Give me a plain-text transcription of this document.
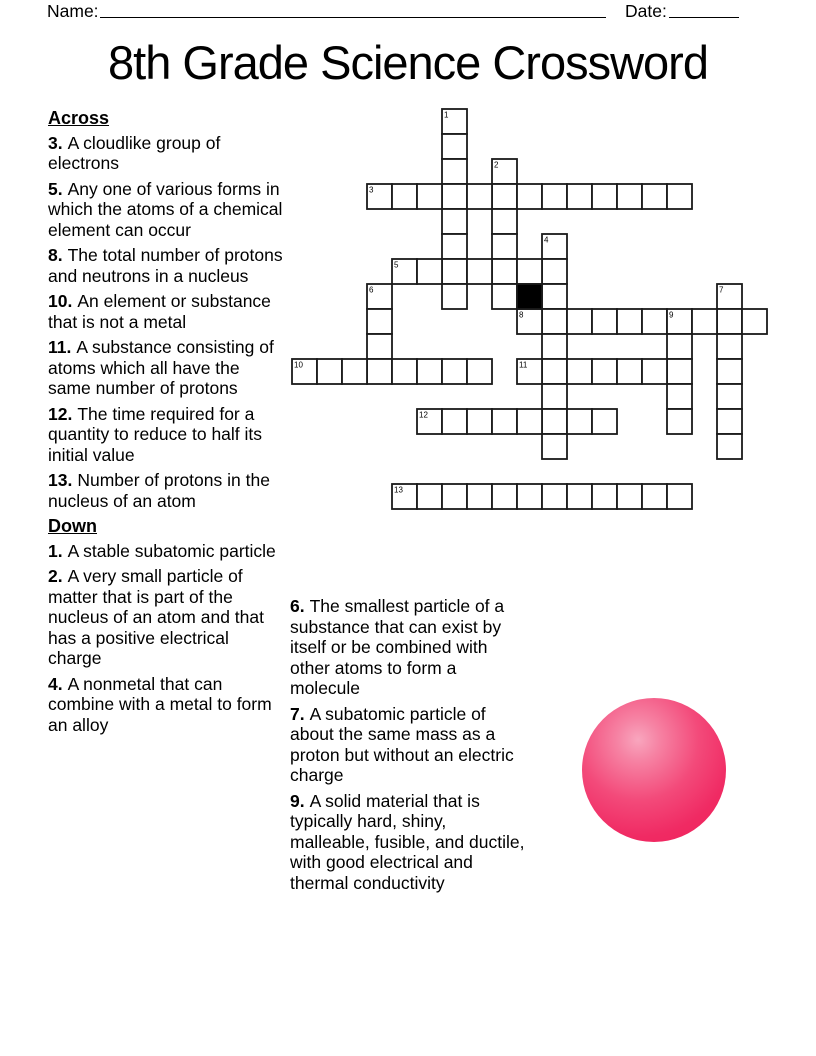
Name:	Date:
8th Grade Science Crossword
Across
3. A cloudlike group of electrons
5. Any one of various forms in which the atoms of a chemical element can occur
8. The total number of protons and neutrons in a nucleus
10. An element or substance that is not a metal
11. A substance consisting of atoms which all have the same number of protons
12. The time required for a quantity to reduce to half its initial value
13. Number of protons in the nucleus of an atom
Down
1. A stable subatomic particle
2. A very small particle of matter that is part of the nucleus of an atom and that has a positive electrical charge
4. A nonmetal that can combine with a metal to form an alloy
6. The smallest particle of a substance that can exist by itself or be combined with other atoms to form a molecule
7. A subatomic particle of about the same mass as a proton but without an electric charge
9. A solid material that is typically hard, shiny, malleable, fusible, and ductile, with good electrical and thermal conductivity
1
2
3
4
5
6	7
8	9
10	11
12
13
